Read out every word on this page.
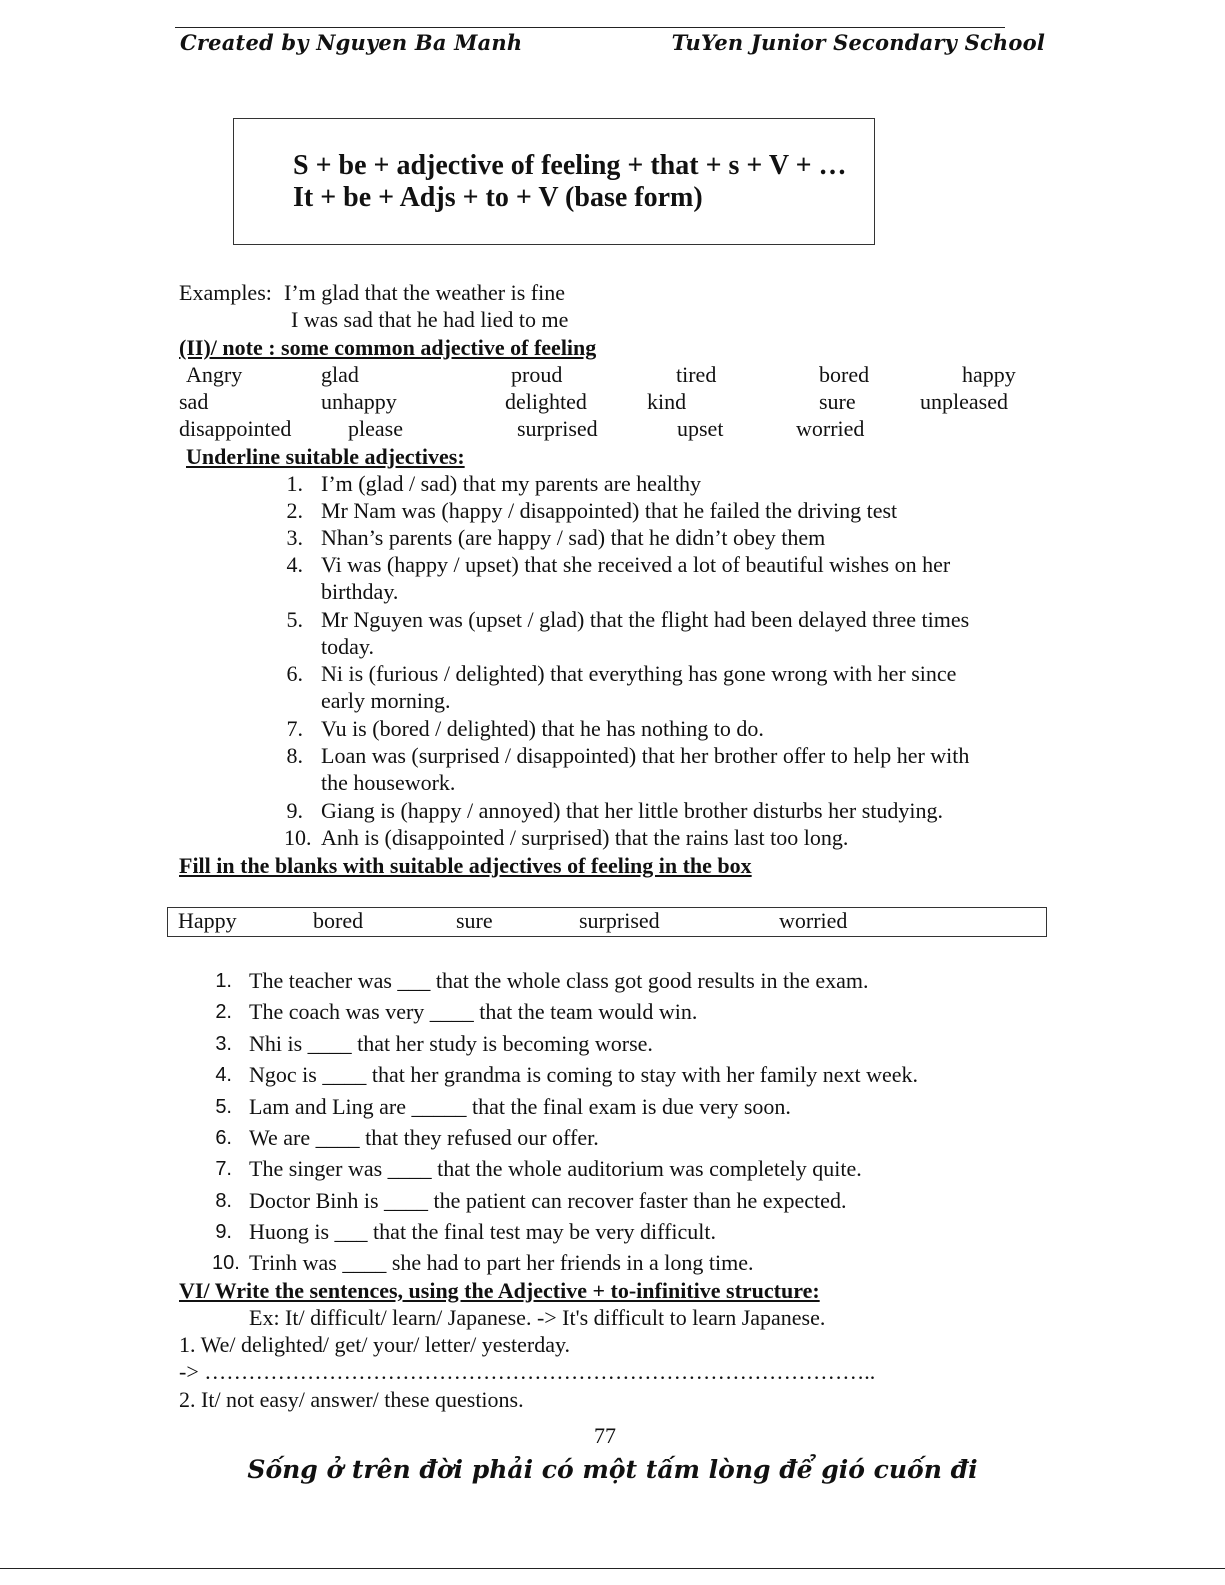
Created by Nguyen Ba Manh	TuYen Junior Secondary School
S + be + adjective of feeling + that + s + V + …
It + be + Adjs + to + V (base form)
Examples: I’m glad that the weather is fine
I was sad that he had lied to me
(II)/ note : some common adjective of feeling
Angry	glad	proud	tired	bored	happy
sad	unhappy	delighted	kind	sure	unpleased
disappointed	please	surprised	upset	worried
Underline suitable adjectives:
1. I’m (glad / sad) that my parents are healthy
2. Mr Nam was (happy / disappointed) that he failed the driving test
3. Nhan’s parents (are happy / sad) that he didn’t obey them
4. Vi was (happy / upset) that she received a lot of beautiful wishes on her
birthday.
5. Mr Nguyen was (upset / glad) that the flight had been delayed three times
today.
6. Ni is (furious / delighted) that everything has gone wrong with her since
early morning.
7. Vu is (bored / delighted) that he has nothing to do.
8. Loan was (surprised / disappointed) that her brother offer to help her with
the housework.
9. Giang is (happy / annoyed) that her little brother disturbs her studying.
10. Anh is (disappointed / surprised) that the rains last too long.
Fill in the blanks with suitable adjectives of feeling in the box
Happy	bored	sure	surprised	worried
1. The teacher was ___ that the whole class got good results in the exam.
2. The coach was very ____ that the team would win.
3. Nhi is ____ that her study is becoming worse.
4. Ngoc is ____ that her grandma is coming to stay with her family next week.
5. Lam and Ling are _____ that the final exam is due very soon.
6. We are ____ that they refused our offer.
7. The singer was ____ that the whole auditorium was completely quite.
8. Doctor Binh is ____ the patient can recover faster than he expected.
9. Huong is ___ that the final test may be very difficult.
10. Trinh was ____ she had to part her friends in a long time.
VI/ Write the sentences, using the Adjective + to-infinitive structure:
Ex: It/ difficult/ learn/ Japanese. -> It's difficult to learn Japanese.
1. We/ delighted/ get/ your/ letter/ yesterday.
-> ………………………………………………………………………………..
2. It/ not easy/ answer/ these questions.
77
Sống ở trên đời phải có một tấm lòng để gió cuốn đi
